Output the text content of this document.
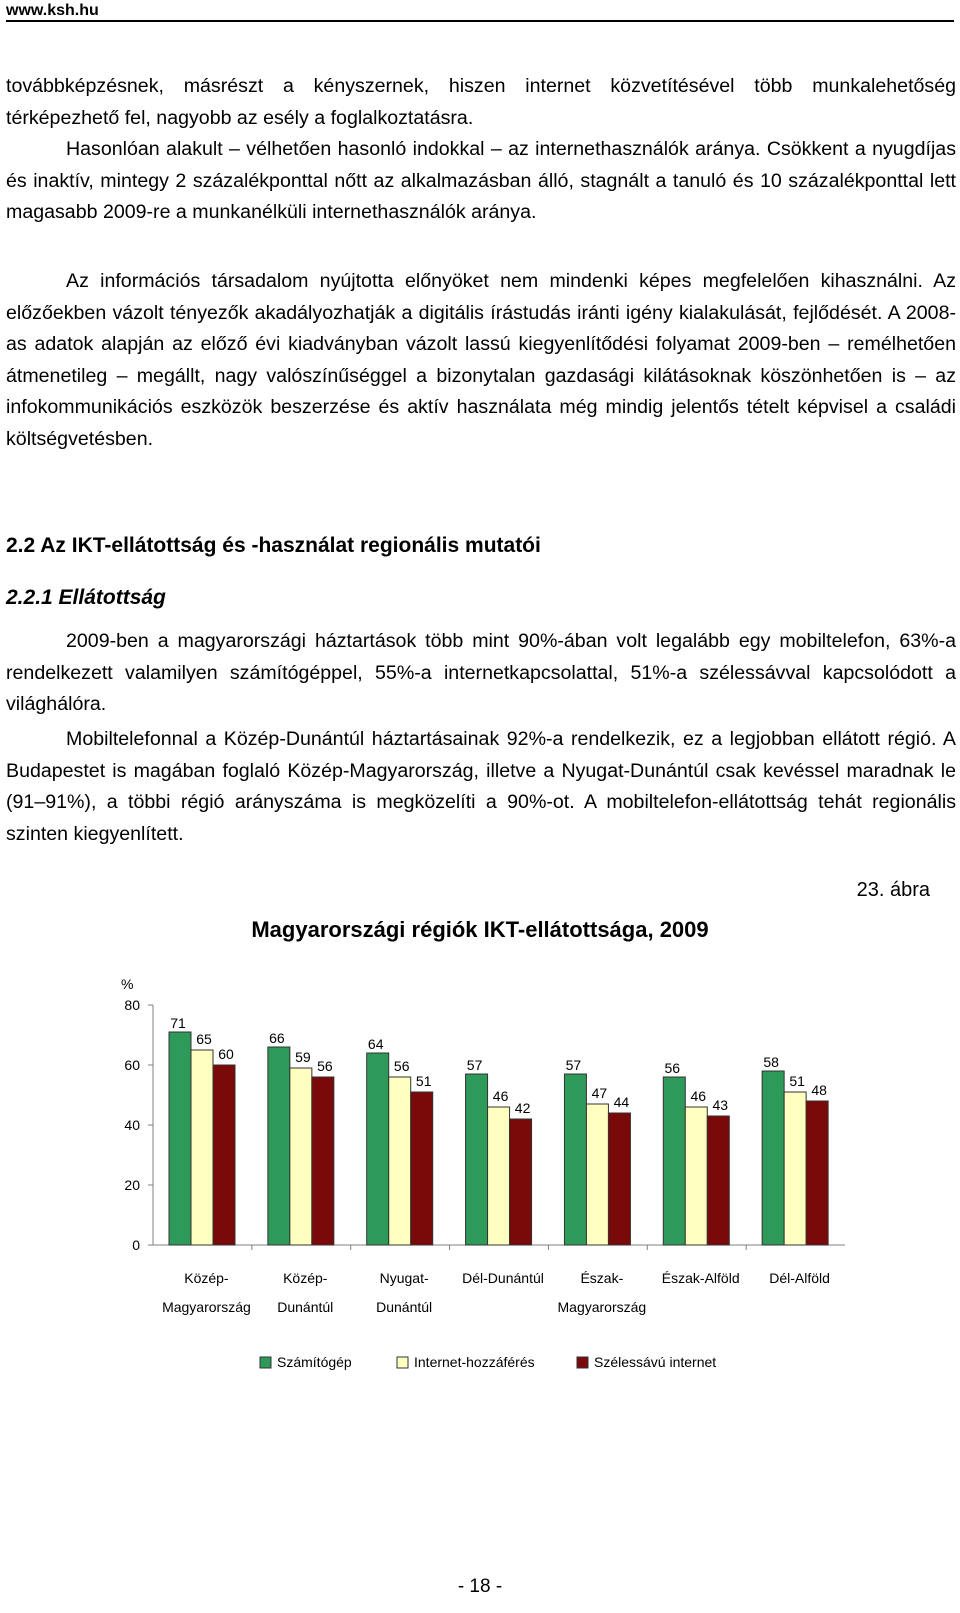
www.ksh.hu

továbbképzésnek, másrészt a kényszernek, hiszen internet közvetítésével több munkalehetőség térképezhető fel, nagyobb az esély a foglalkoztatásra.

Hasonlóan alakult – vélhetően hasonló indokkal – az internethasználók aránya. Csökkent a nyugdíjas és inaktív, mintegy 2 százalékponttal nőtt az alkalmazásban álló, stagnált a tanuló és 10 százalékponttal lett magasabb 2009-re a munkanélküli internethasználók aránya.

Az információs társadalom nyújtotta előnyöket nem mindenki képes megfelelően kihasználni. Az előzőekben vázolt tényezők akadályozhatják a digitális írástudás iránti igény kialakulását, fejlődését. A 2008-as adatok alapján az előző évi kiadványban vázolt lassú kiegyenlítődési folyamat 2009-ben – remélhetően átmenetileg – megállt, nagy valószínűséggel a bizonytalan gazdasági kilátásoknak köszönhetően is – az infokommunikációs eszközök beszerzése és aktív használata még mindig jelentős tételt képvisel a családi költségvetésben.

2.2 Az IKT-ellátottság és -használat regionális mutatói
2.2.1 Ellátottság

2009-ben a magyarországi háztartások több mint 90%-ában volt legalább egy mobiltelefon, 63%-a rendelkezett valamilyen számítógéppel, 55%-a internetkapcsolattal, 51%-a szélessávval kapcsolódott a világhálóra.

Mobiltelefonnal a Közép-Dunántúl háztartásainak 92%-a rendelkezik, ez a legjobban ellátott régió. A Budapestet is magában foglaló Közép-Magyarország, illetve a Nyugat-Dunántúl csak kevéssel maradnak le (91–91%), a többi régió arányszáma is megközelíti a 90%-ot. A mobiltelefon-ellátottság tehát regionális szinten kiegyenlített.

23. ábra
Magyarországi régiók IKT-ellátottsága, 2009
%
0
20
40
60
80
71
65
60
Közép-
Magyarország
66
59
56
Közép-
Dunántúl
64
56
51
Nyugat-
Dunántúl
57
46
42
Dél-Dunántúl
57
47
44
Észak-
Magyarország
56
46
43
Észak-Alföld
58
51
48
Dél-Alföld
Számítógép	Internet-hozzáférés	Szélessávú internet
- 18 -
